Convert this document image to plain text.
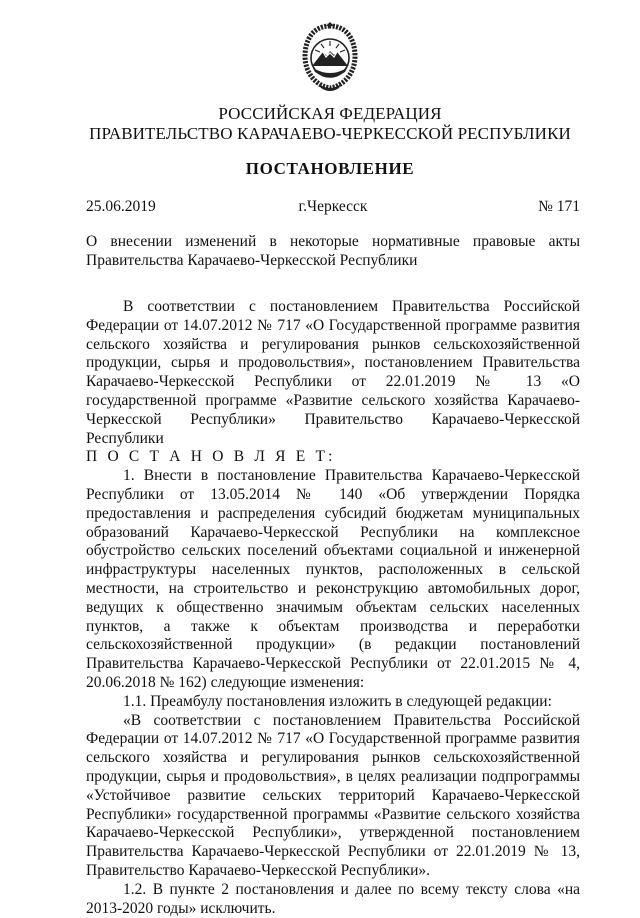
РОССИЙСКАЯ ФЕДЕРАЦИЯ
ПРАВИТЕЛЬСТВО КАРАЧАЕВО-ЧЕРКЕССКОЙ РЕСПУБЛИКИ
ПОСТАНОВЛЕНИЕ
25.06.2019	г.Черкесск	№ 171
О внесении изменений в некоторые нормативные правовые акты Правительства Карачаево-Черкесской Республики

В соответствии с постановлением Правительства Российской Федерации от 14.07.2012 № 717 «О Государственной программе развития сельского хозяйства и регулирования рынков сельскохозяйственной продукции, сырья и продовольствия», постановлением Правительства Карачаево-Черкесской Республики от 22.01.2019 № 13 «О государственной программе «Развитие сельского хозяйства Карачаево-Черкесской Республики» Правительство Карачаево-Черкесской Республики

П О С Т А Н О В Л Я Е Т:

1. Внести в постановление Правительства Карачаево-Черкесской Республики от 13.05.2014 № 140 «Об утверждении Порядка предоставления и распределения субсидий бюджетам муниципальных образований Карачаево-Черкесской Республики на комплексное обустройство сельских поселений объектами социальной и инженерной инфраструктуры населенных пунктов, расположенных в сельской местности, на строительство и реконструкцию автомобильных дорог, ведущих к общественно значимым объектам сельских населенных пунктов, а также к объектам производства и переработки сельскохозяйственной продукции» (в редакции постановлений Правительства Карачаево-Черкесской Республики от 22.01.2015 № 4, 20.06.2018 № 162) следующие изменения:

1.1. Преамбулу постановления изложить в следующей редакции:

«В соответствии с постановлением Правительства Российской Федерации от 14.07.2012 № 717 «О Государственной программе развития сельского хозяйства и регулирования рынков сельскохозяйственной продукции, сырья и продовольствия», в целях реализации подпрограммы «Устойчивое развитие сельских территорий Карачаево-Черкесской Республики» государственной программы «Развитие сельского хозяйства Карачаево-Черкесской Республики», утвержденной постановлением Правительства Карачаево-Черкесской Республики от 22.01.2019 № 13, Правительство Карачаево-Черкесской Республики».

1.2. В пункте 2 постановления и далее по всему тексту слова «на 2013-2020 годы» исключить.
